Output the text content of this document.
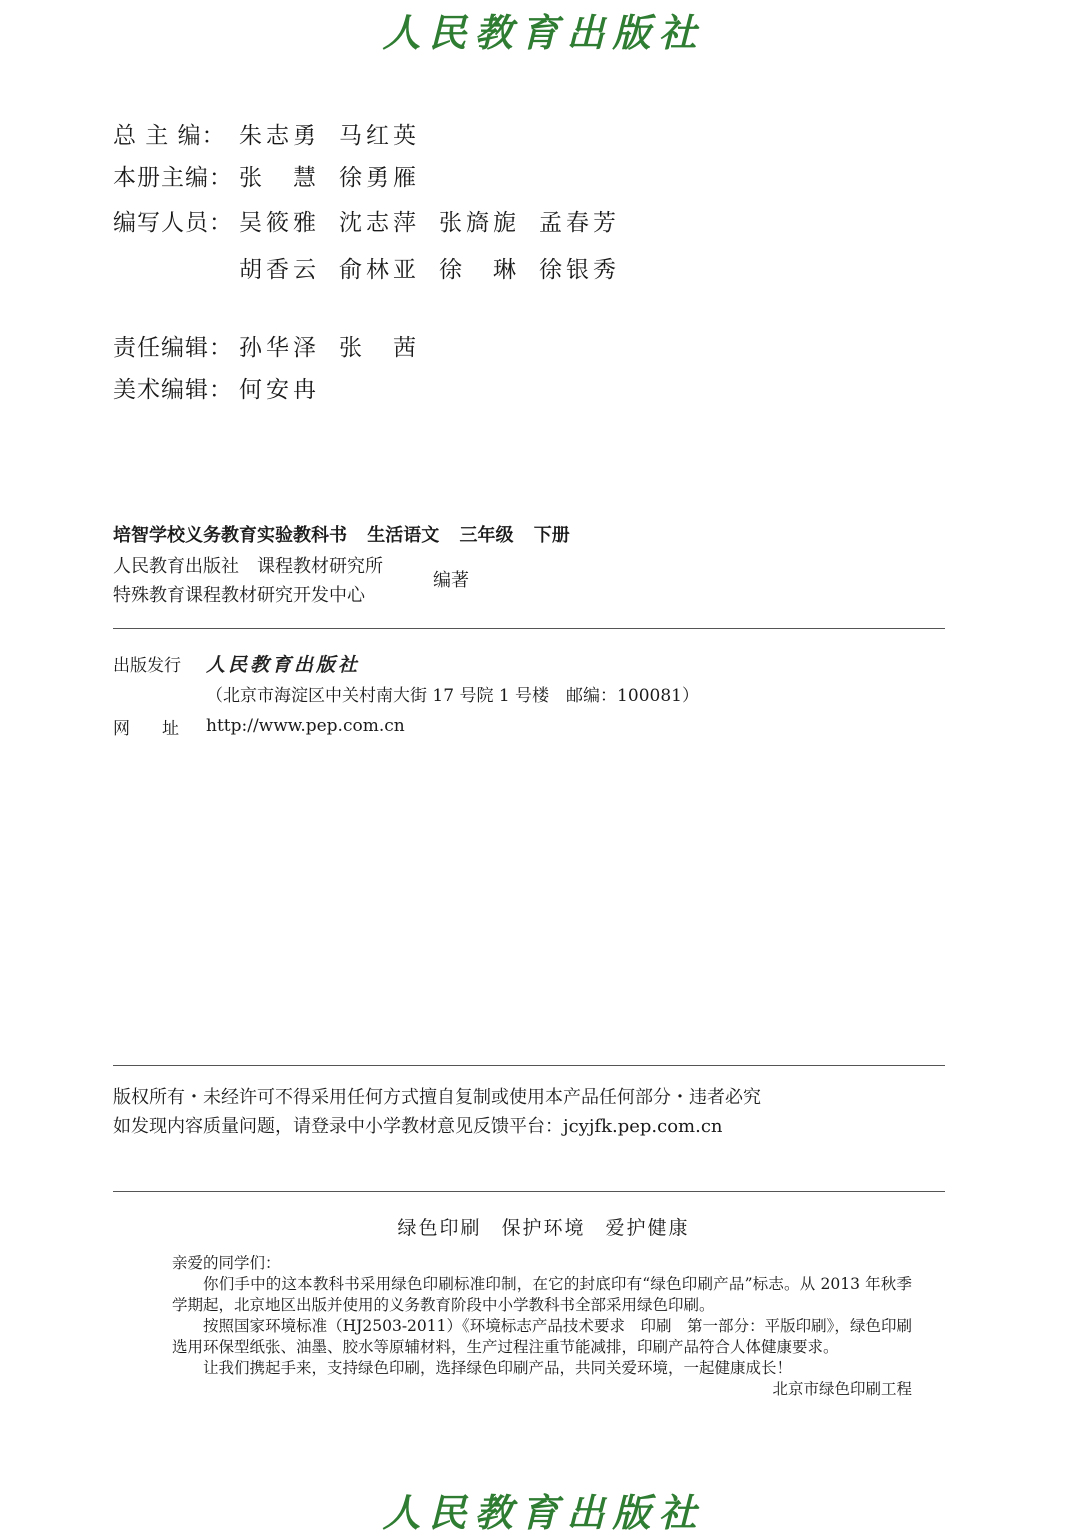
人民教育出版社
总 主 编： 朱志勇 马红英
本册主编： 张　慧 徐勇雁
编写人员： 吴筱雅 沈志萍 张旖旎 孟春芳
胡香云 俞林亚 徐　琳 徐银秀
责任编辑： 孙华泽 张　茜
美术编辑： 何安冉
培智学校义务教育实验教科书 生活语文 三年级 下册
人民教育出版社　课程教材研究所
特殊教育课程教材研究开发中心
编著
出版发行	人民教育出版社
（北京市海淀区中关村南大街 17 号院 1 号楼　邮编：100081）
网址
http://www.pep.com.cn
版权所有・未经许可不得采用任何方式擅自复制或使用本产品任何部分・违者必究
如发现内容质量问题，请登录中小学教材意见反馈平台：jcyjfk.pep.com.cn
绿色印刷 保护环境 爱护健康

亲爱的同学们：

你们手中的这本教科书采用绿色印刷标准印制，在它的封底印有“绿色印刷产品”标志。从 2013 年秋季学期起，北京地区出版并使用的义务教育阶段中小学教科书全部采用绿色印刷。

按照国家环境标准（HJ2503-2011）《环境标志产品技术要求　印刷　第一部分：平版印刷》，绿色印刷选用环保型纸张、油墨、胶水等原辅材料，生产过程注重节能减排，印刷产品符合人体健康要求。

让我们携起手来，支持绿色印刷，选择绿色印刷产品，共同关爱环境，一起健康成长！

北京市绿色印刷工程

人民教育出版社
